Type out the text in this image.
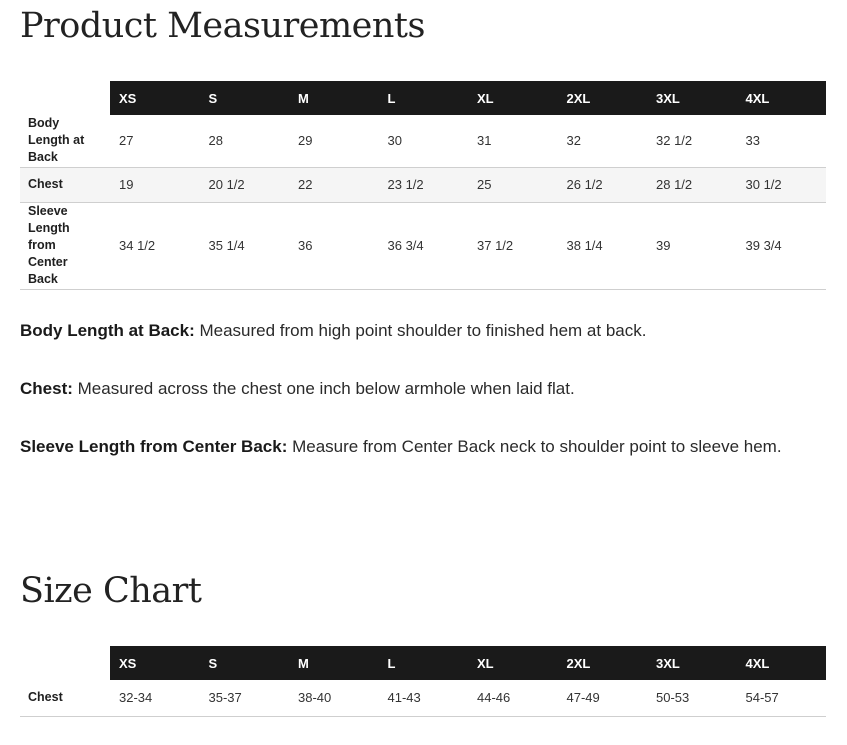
Product Measurements
	XS	S	M	L	XL	2XL	3XL	4XL
Body Length at Back	27	28	29	30	31	32	32 1/2	33
Chest	19	20 1/2	22	23 1/2	25	26 1/2	28 1/2	30 1/2
Sleeve Length from Center Back	34 1/2	35 1/4	36	36 3/4	37 1/2	38 1/4	39	39 3/4

Body Length at Back: Measured from high point shoulder to finished hem at back.

Chest: Measured across the chest one inch below armhole when laid flat.

Sleeve Length from Center Back: Measure from Center Back neck to shoulder point to sleeve hem.

Size Chart
	XS	S	M	L	XL	2XL	3XL	4XL
Chest	32-34	35-37	38-40	41-43	44-46	47-49	50-53	54-57
